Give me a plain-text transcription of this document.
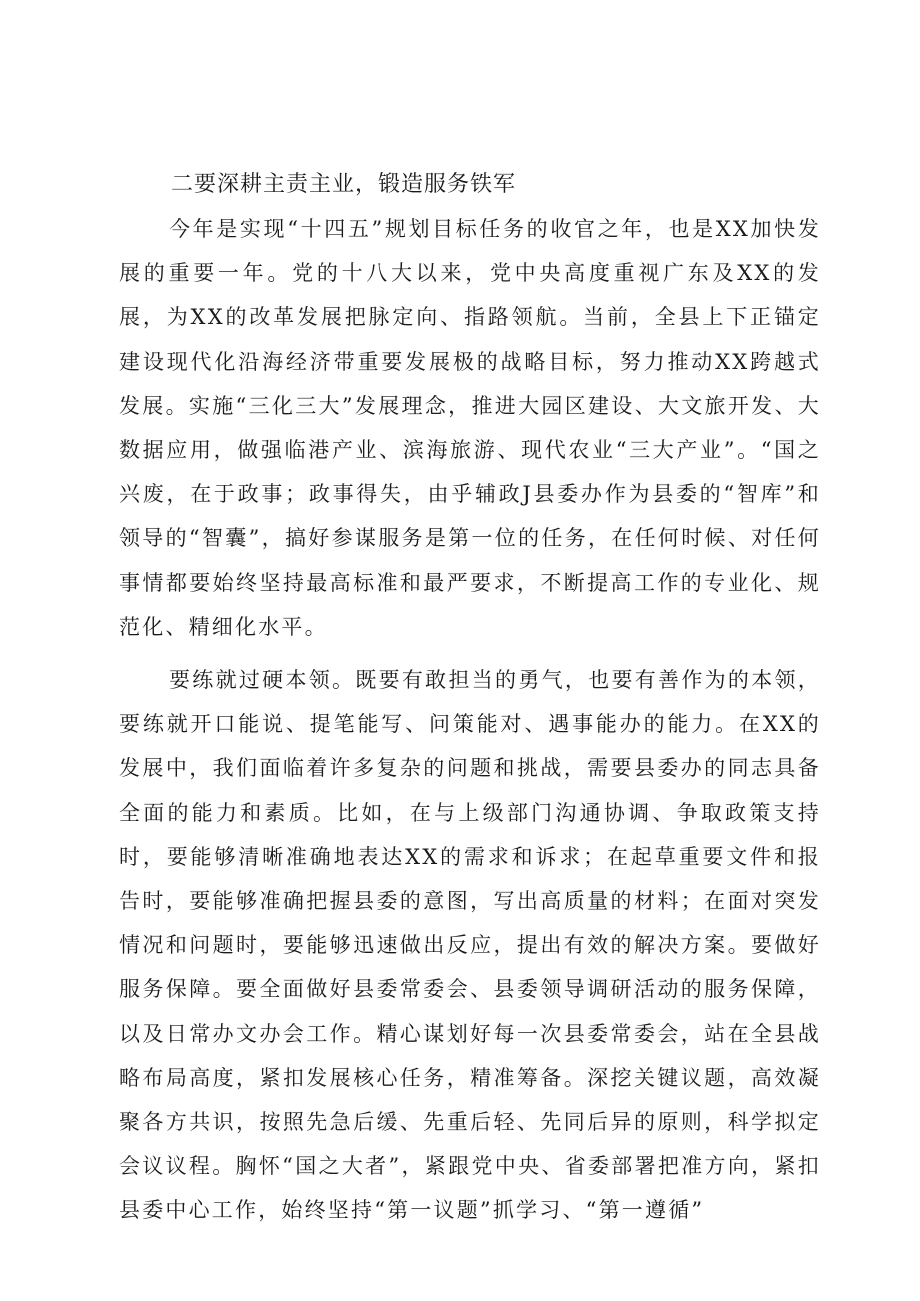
二要深耕主责主业，锻造服务铁军

今年是实现“十四五”规划目标任务的收官之年，也是XX加快发展的重要一年。党的十八大以来，党中央高度重视广东及XX的发展，为XX的改革发展把脉定向、指路领航。当前，全县上下正锚定建设现代化沿海经济带重要发展极的战略目标，努力推动XX跨越式发展。实施“三化三大”发展理念，推进大园区建设、大文旅开发、大数据应用，做强临港产业、滨海旅游、现代农业“三大产业”。“国之兴废，在于政事；政事得失，由乎辅政J县委办作为县委的“智库”和领导的“智囊”，搞好参谋服务是第一位的任务，在任何时候、对任何事情都要始终坚持最高标准和最严要求，不断提高工作的专业化、规范化、精细化水平。

要练就过硬本领。既要有敢担当的勇气，也要有善作为的本领，要练就开口能说、提笔能写、问策能对、遇事能办的能力。在XX的发展中，我们面临着许多复杂的问题和挑战，需要县委办的同志具备全面的能力和素质。比如，在与上级部门沟通协调、争取政策支持时，要能够清晰准确地表达XX的需求和诉求；在起草重要文件和报告时，要能够准确把握县委的意图，写出高质量的材料；在面对突发情况和问题时，要能够迅速做出反应，提出有效的解决方案。要做好服务保障。要全面做好县委常委会、县委领导调研活动的服务保障，以及日常办文办会工作。精心谋划好每一次县委常委会，站在全县战略布局高度，紧扣发展核心任务，精准筹备。深挖关键议题，高效凝聚各方共识，按照先急后缓、先重后轻、先同后异的原则，科学拟定会议议程。胸怀“国之大者”，紧跟党中央、省委部署把准方向，紧扣县委中心工作，始终坚持“第一议题”抓学习、“第一遵循”
